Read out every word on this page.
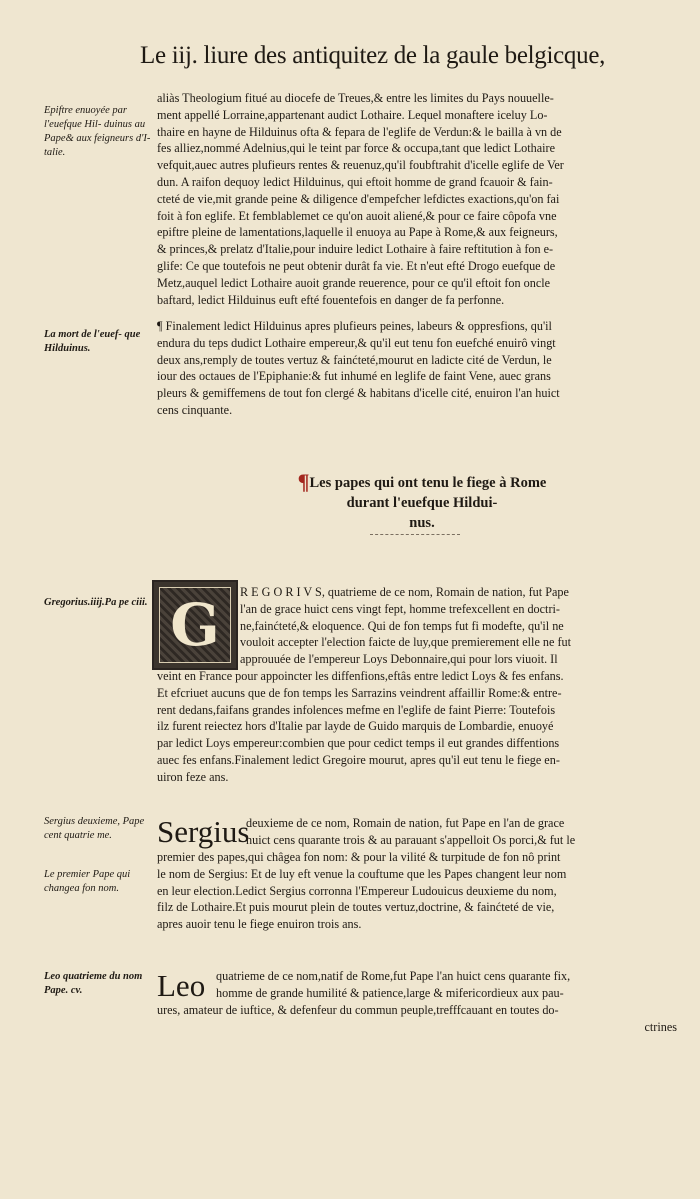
Le iij. liure des antiquitez de la gaule belgicque,
Epiftre enuoyée par l'euefque Hil- duinus au Pape& aux feigneurs d'I- talie.
La mort de l'euef- que Hilduinus.
Gregorius.iiij.Pa pe ciii.
Sergius deuxieme, Pape cent quatrie me.
Le premier Pape qui changea fon nom.
Leo quatrieme du nom Pape. cv.
aliàs Theologium fitué au diocefe de Treues,& entre les limites du Pays nouuelle-
ment appellé Lorraine,appartenant audict Lothaire. Lequel monaftere iceluy Lo-
thaire en hayne de Hilduinus ofta & fepara de l'eglife de Verdun:& le bailla à vn de
fes alliez,nommé Adelnius,qui le teint par force & occupa,tant que ledict Lothaire
vefquit,auec autres plufieurs rentes & reuenuz,qu'il foubftrahit d'icelle eglife de Ver
dun. A raifon dequoy ledict Hilduinus, qui eftoit homme de grand fcauoir & fain-
cteté de vie,mit grande peine & diligence d'empefcher lefdictes exactions,qu'on fai
foit à fon eglife. Et femblablemet ce qu'on auoit aliené,& pour ce faire côpofa vne
epiftre pleine de lamentations,laquelle il enuoya au Pape à Rome,& aux feigneurs,
& princes,& prelatz d'Italie,pour induire ledict Lothaire à faire reftitution à fon e-
glife: Ce que toutefois ne peut obtenir durât fa vie. Et n'eut efté Drogo euefque de
Metz,auquel ledict Lothaire auoit grande reuerence, pour ce qu'il eftoit fon oncle
baftard, ledict Hilduinus euft efté fouentefois en danger de fa perfonne.
¶ Finalement ledict Hilduinus apres plufieurs peines, labeurs & oppresfions, qu'il
endura du teps dudict Lothaire empereur,& qu'il eut tenu fon euefché enuirô vingt
deux ans,remply de toutes vertuz & fainćteté,mourut en ladicte cité de Verdun, le
iour des octaues de l'Epiphanie:& fut inhumé en leglife de faint Vene, auec grans
pleurs & gemiffemens de tout fon clergé & habitans d'icelle cité, enuiron l'an huict
cens cinquante.
¶Les papes qui ont tenu le fiege à Rome
durant l'euefque Hildui-
nus.
G	R E G O R I V S, quatrieme de ce nom, Romain de nation, fut Pape
l'an de grace huict cens vingt fept, homme trefexcellent en doctri-
ne,fainćteté,& eloquence. Qui de fon temps fut fi modefte, qu'il ne
vouloit accepter l'election faicte de luy,que premierement elle ne fut
approuuée de l'empereur Loys Debonnaire,qui pour lors viuoit. Il
veint en France pour appoincter les diffenfions,eftâs entre ledict Loys & fes enfans.
Et efcriuet aucuns que de fon temps les Sarrazins veindrent affaillir Rome:& entre-
rent dedans,faifans grandes infolences mefme en l'eglife de faint Pierre: Toutefois
ilz furent reiectez hors d'Italie par layde de Guido marquis de Lombardie, enuoyé
par ledict Loys empereur:combien que pour cedict temps il eut grandes diffentions
auec fes enfans.Finalement ledict Gregoire mourut, apres qu'il eut tenu le fiege en-
uiron feze ans.
Sergius
deuxieme de ce nom, Romain de nation, fut Pape en l'an de grace
huict cens quarante trois & au parauant s'appelloit Os porci,& fut le
premier des papes,qui châgea fon nom: & pour la vilité & turpitude de fon nô print
le nom de Sergius: Et de luy eft venue la couftume que les Papes changent leur nom
en leur election.Ledict Sergius corronna l'Empereur Ludouicus deuxieme du nom,
filz de Lothaire.Et puis mourut plein de toutes vertuz,doctrine, & fainćteté de vie,
apres auoir tenu le fiege enuiron trois ans.
Leo quatrieme de ce nom,natif de Rome,fut Pape l'an huict cens quarante fix,
homme de grande humilité & patience,large & mifericordieux aux pau-
ures, amateur de iuftice, & defenfeur du commun peuple,trefffcauant en toutes do-
ctrines
